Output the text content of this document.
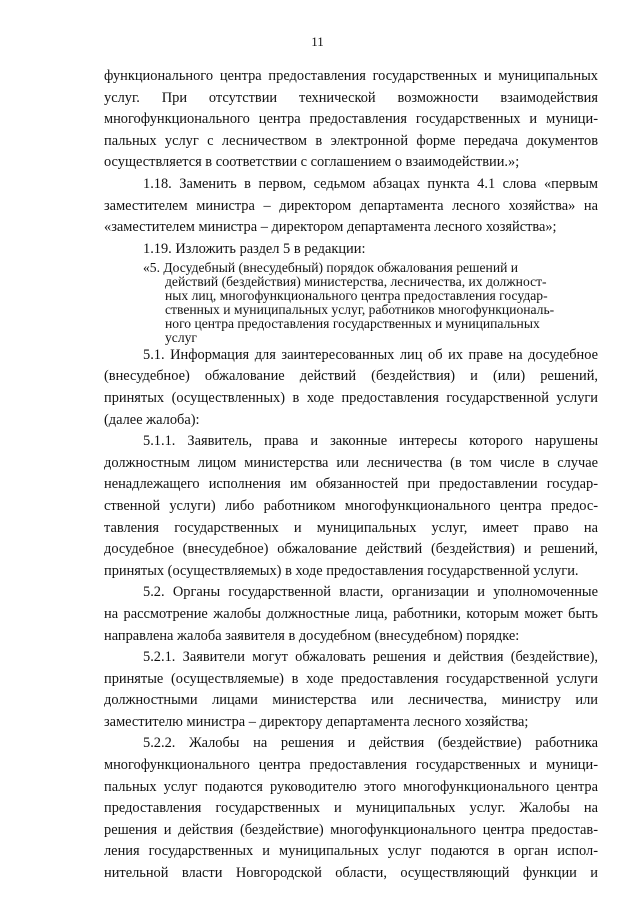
11

функционального центра предоставления государственных и муниципальных
услуг. При отсутствии технической возможности взаимодействия
многофункционального центра предоставления государственных и муници-
пальных услуг с лесничеством в электронной форме передача документов
осуществляется в соответствии с соглашением о взаимодействии.»;

1.18. Заменить в первом, седьмом абзацах пункта 4.1 слова «первым
заместителем министра – директором департамента лесного хозяйства» на
«заместителем министра – директором департамента лесного хозяйства»;

1.19. Изложить раздел 5 в редакции:

«5. Досудебный (внесудебный) порядок обжалования решений и
действий (бездействия) министерства, лесничества, их должност-
ных лиц, многофункционального центра предоставления государ-
ственных и муниципальных услуг, работников многофункциональ-
ного центра предоставления государственных и муниципальных
услуг

5.1. Информация для заинтересованных лиц об их праве на досудебное
(внесудебное) обжалование действий (бездействия) и (или) решений,
принятых (осуществленных) в ходе предоставления государственной услуги
(далее жалоба):

5.1.1. Заявитель, права и законные интересы которого нарушены
должностным лицом министерства или лесничества (в том числе в случае
ненадлежащего исполнения им обязанностей при предоставлении государ-
ственной услуги) либо работником многофункционального центра предос-
тавления государственных и муниципальных услуг, имеет право на
досудебное (внесудебное) обжалование действий (бездействия) и решений,
принятых (осуществляемых) в ходе предоставления государственной услуги.

5.2. Органы государственной власти, организации и уполномоченные
на рассмотрение жалобы должностные лица, работники, которым может быть
направлена жалоба заявителя в досудебном (внесудебном) порядке:

5.2.1. Заявители могут обжаловать решения и действия (бездействие),
принятые (осуществляемые) в ходе предоставления государственной услуги
должностными лицами министерства или лесничества, министру или
заместителю министра – директору департамента лесного хозяйства;

5.2.2. Жалобы на решения и действия (бездействие) работника
многофункционального центра предоставления государственных и муници-
пальных услуг подаются руководителю этого многофункционального центра
предоставления государственных и муниципальных услуг. Жалобы на
решения и действия (бездействие) многофункционального центра предостав-
ления государственных и муниципальных услуг подаются в орган испол-
нительной власти Новгородской области, осуществляющий функции и
